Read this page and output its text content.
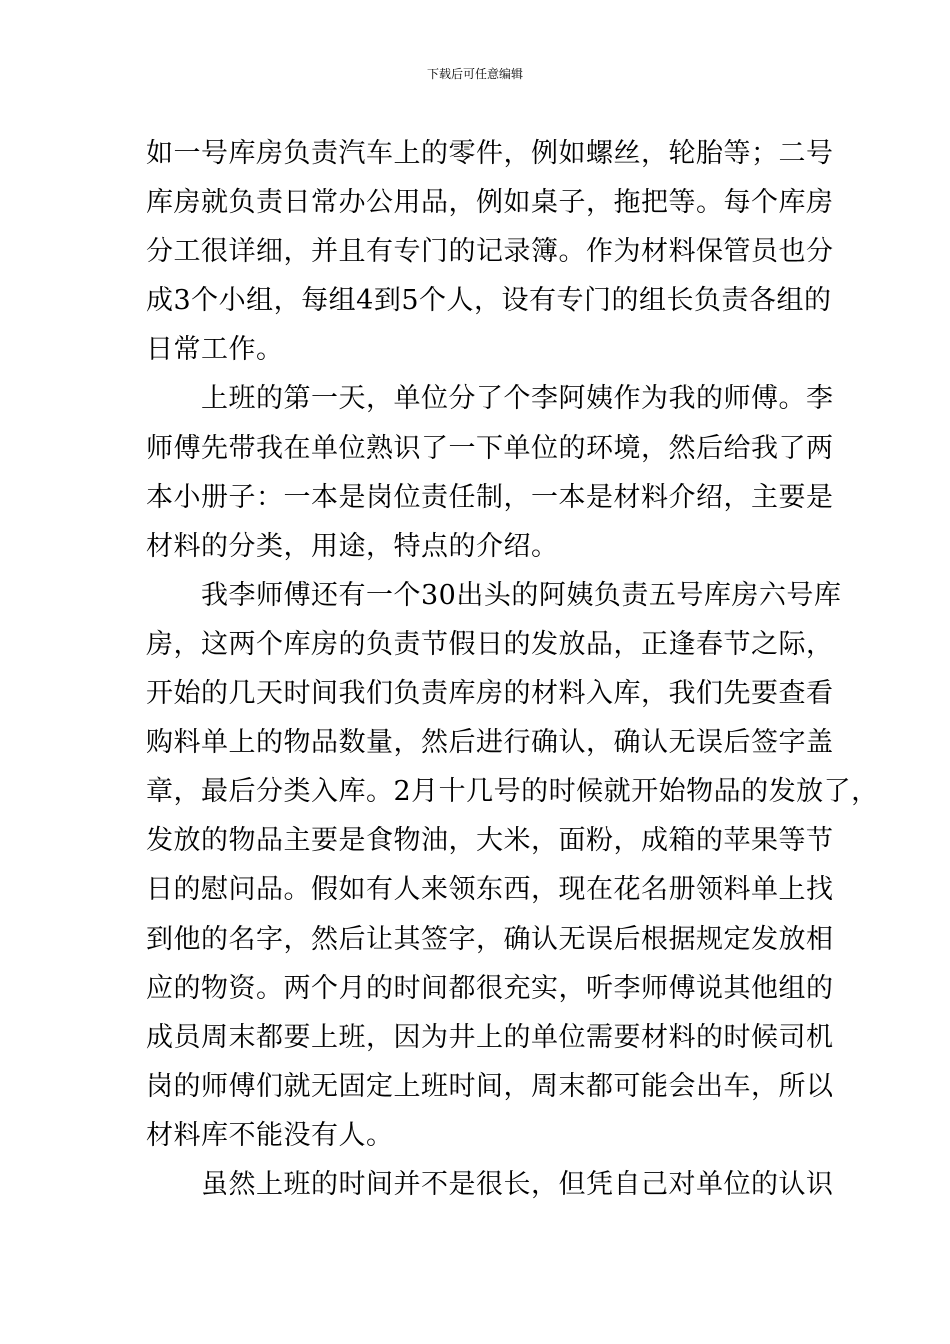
下载后可任意编辑
如一号库房负责汽车上的零件，例如螺丝，轮胎等；二号
库房就负责日常办公用品，例如桌子，拖把等。每个库房
分工很详细，并且有专门的记录簿。作为材料保管员也分
成3个小组，每组4到5个人，设有专门的组长负责各组的
日常工作。
上班的第一天，单位分了个李阿姨作为我的师傅。李
师傅先带我在单位熟识了一下单位的环境，然后给我了两
本小册子：一本是岗位责任制，一本是材料介绍，主要是
材料的分类，用途，特点的介绍。
我李师傅还有一个30出头的阿姨负责五号库房六号库
房，这两个库房的负责节假日的发放品，正逢春节之际，
开始的几天时间我们负责库房的材料入库，我们先要查看
购料单上的物品数量，然后进行确认，确认无误后签字盖
章，最后分类入库。2月十几号的时候就开始物品的发放了，
发放的物品主要是食物油，大米，面粉，成箱的苹果等节
日的慰问品。假如有人来领东西，现在花名册领料单上找
到他的名字，然后让其签字，确认无误后根据规定发放相
应的物资。两个月的时间都很充实，听李师傅说其他组的
成员周末都要上班，因为井上的单位需要材料的时候司机
岗的师傅们就无固定上班时间，周末都可能会出车，所以
材料库不能没有人。
虽然上班的时间并不是很长，但凭自己对单位的认识
